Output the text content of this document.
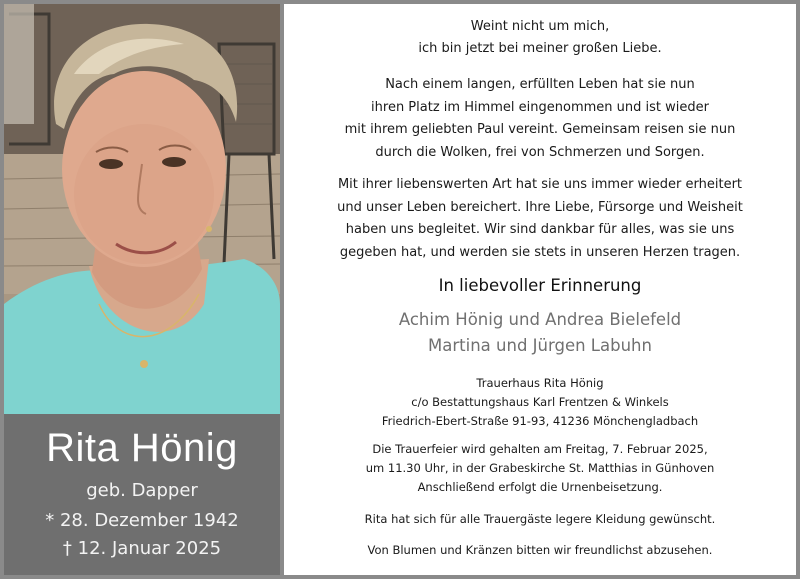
Rita Hönig
geb. Dapper
* 28. Dezember 1942
† 12. Januar 2025
Weint nicht um mich,
ich bin jetzt bei meiner großen Liebe.
Nach einem langen, erfüllten Leben hat sie nun
ihren Platz im Himmel eingenommen und ist wieder
mit ihrem geliebten Paul vereint. Gemeinsam reisen sie nun
durch die Wolken, frei von Schmerzen und Sorgen.
Mit ihrer liebenswerten Art hat sie uns immer wieder erheitert
und unser Leben bereichert. Ihre Liebe, Fürsorge und Weisheit
haben uns begleitet. Wir sind dankbar für alles, was sie uns
gegeben hat, und werden sie stets in unseren Herzen tragen.
In liebevoller Erinnerung
Achim Hönig und Andrea Bielefeld
Martina und Jürgen Labuhn
Trauerhaus Rita Hönig
c/o Bestattungshaus Karl Frentzen & Winkels
Friedrich-Ebert-Straße 91-93, 41236 Mönchengladbach
Die Trauerfeier wird gehalten am Freitag, 7. Februar 2025,
um 11.30 Uhr, in der Grabeskirche St. Matthias in Günhoven
Anschließend erfolgt die Urnenbeisetzung.
Rita hat sich für alle Trauergäste legere Kleidung gewünscht.
Von Blumen und Kränzen bitten wir freundlichst abzusehen.
